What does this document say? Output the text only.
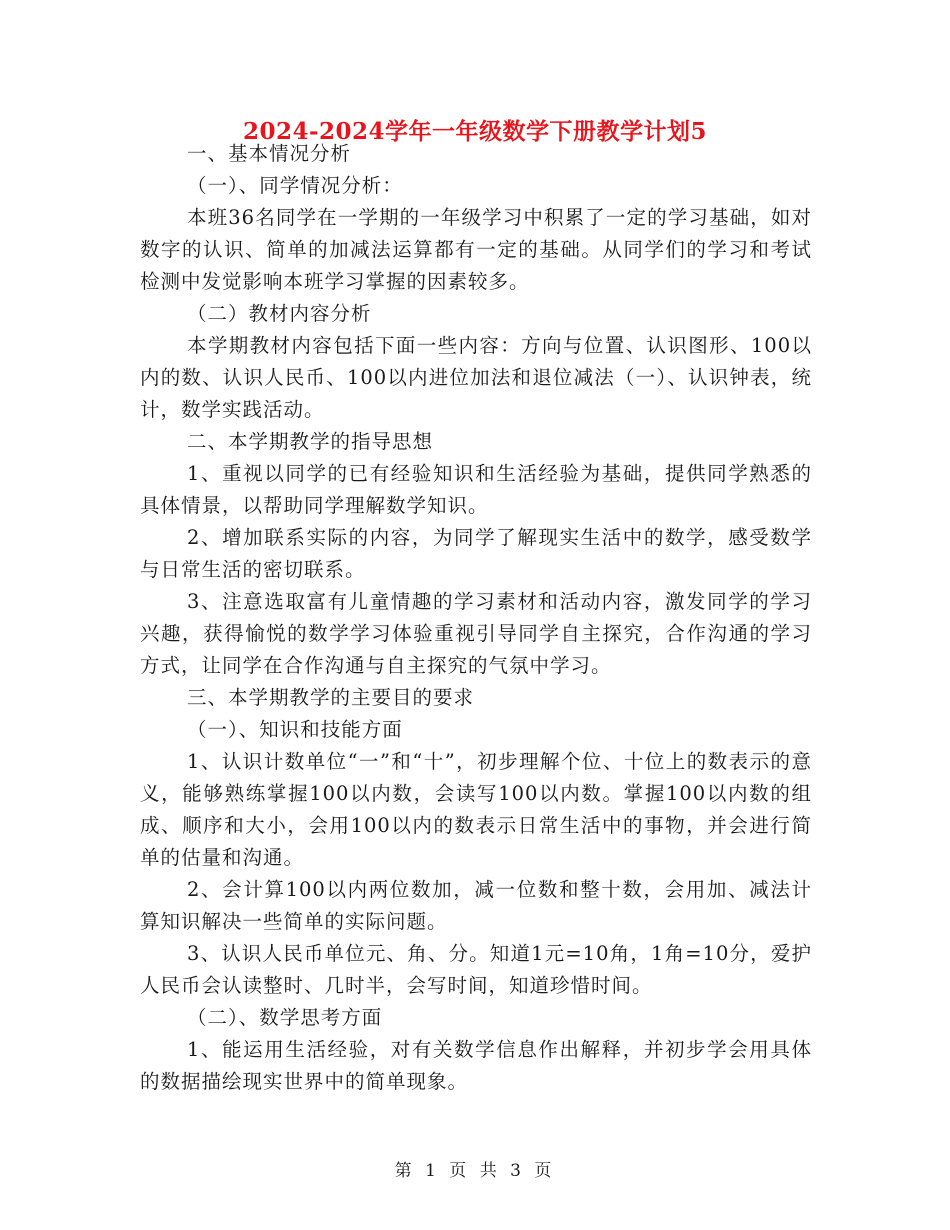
2024-2024学年一年级数学下册教学计划5
一、基本情况分析
（一）、同学情况分析：
本班36名同学在一学期的一年级学习中积累了一定的学习基础，如对数字的认识、简单的加减法运算都有一定的基础。从同学们的学习和考试检测中发觉影响本班学习掌握的因素较多。
（二）教材内容分析
本学期教材内容包括下面一些内容：方向与位置、认识图形、100以内的数、认识人民币、100以内进位加法和退位减法（一）、认识钟表，统计，数学实践活动。
二、本学期教学的指导思想
1、重视以同学的已有经验知识和生活经验为基础，提供同学熟悉的具体情景，以帮助同学理解数学知识。
2、增加联系实际的内容，为同学了解现实生活中的数学，感受数学与日常生活的密切联系。
3、注意选取富有儿童情趣的学习素材和活动内容，激发同学的学习兴趣，获得愉悦的数学学习体验重视引导同学自主探究，合作沟通的学习方式，让同学在合作沟通与自主探究的气氛中学习。
三、本学期教学的主要目的要求
（一）、知识和技能方面
1、认识计数单位“一”和“十”，初步理解个位、十位上的数表示的意义，能够熟练掌握100以内数，会读写100以内数。掌握100以内数的组成、顺序和大小，会用100以内的数表示日常生活中的事物，并会进行简单的估量和沟通。
2、会计算100以内两位数加，减一位数和整十数，会用加、减法计算知识解决一些简单的实际问题。
3、认识人民币单位元、角、分。知道1元=10角，1角=10分，爱护人民币会认读整时、几时半，会写时间，知道珍惜时间。
（二）、数学思考方面
1、能运用生活经验，对有关数学信息作出解释，并初步学会用具体的数据描绘现实世界中的简单现象。
第 1 页 共 3 页
